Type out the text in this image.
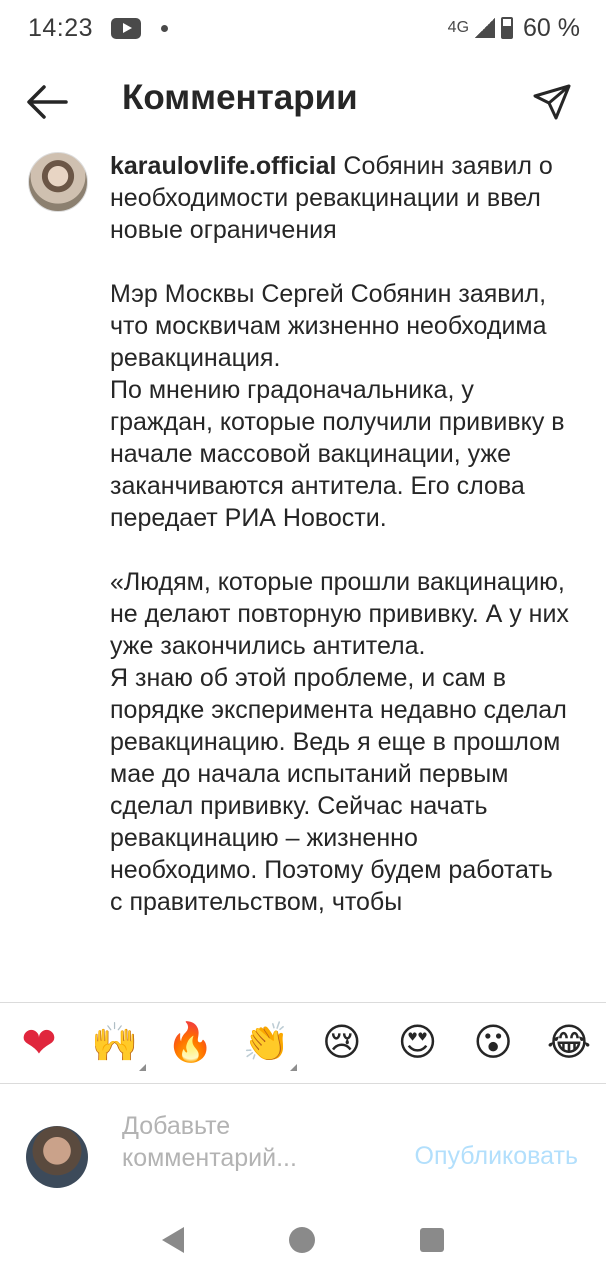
14:23	4G 60 %
Комментарии
karaulovlife.official Собянин заявил о необходимости ревакцинации и ввел новые ограничения

Мэр Москвы Сергей Собянин заявил, что москвичам жизненно необходима ревакцинация.
По мнению градоначальника, у граждан, которые получили прививку в начале массовой вакцинации, уже заканчиваются антитела. Его слова передает РИА Новости.

«Людям, которые прошли вакцинацию, не делают повторную прививку. А у них уже закончились антитела.
Я знаю об этой проблеме, и сам в порядке эксперимента недавно сделал ревакцинацию. Ведь я еще в прошлом мае до начала испытаний первым сделал прививку. Сейчас начать ревакцинацию – жизненно необходимо. Поэтому будем работать с правительством, чтобы
❤ 🙌 🔥 👏 😢 😍 😮 😂
Добавьте комментарий...
Опубликовать
